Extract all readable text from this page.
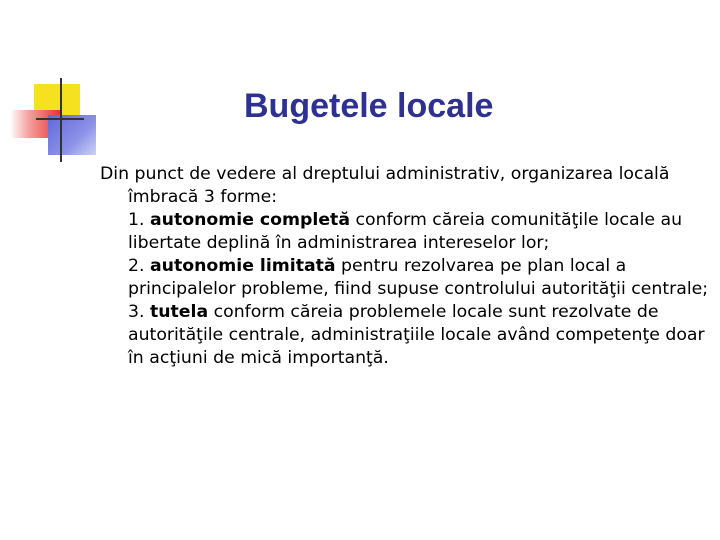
Bugetele locale

Din punct de vedere al dreptului administrativ, organizarea locală îmbracă 3 forme:

1. autonomie completă conform căreia comunităţile locale au libertate deplină în administrarea intereselor lor;

2. autonomie limitată pentru rezolvarea pe plan local a principalelor probleme, fiind supuse controlului autorităţii centrale;

3. tutela conform căreia problemele locale sunt rezolvate de autorităţile centrale, administraţiile locale având competenţe doar în acţiuni de mică importanţă.
